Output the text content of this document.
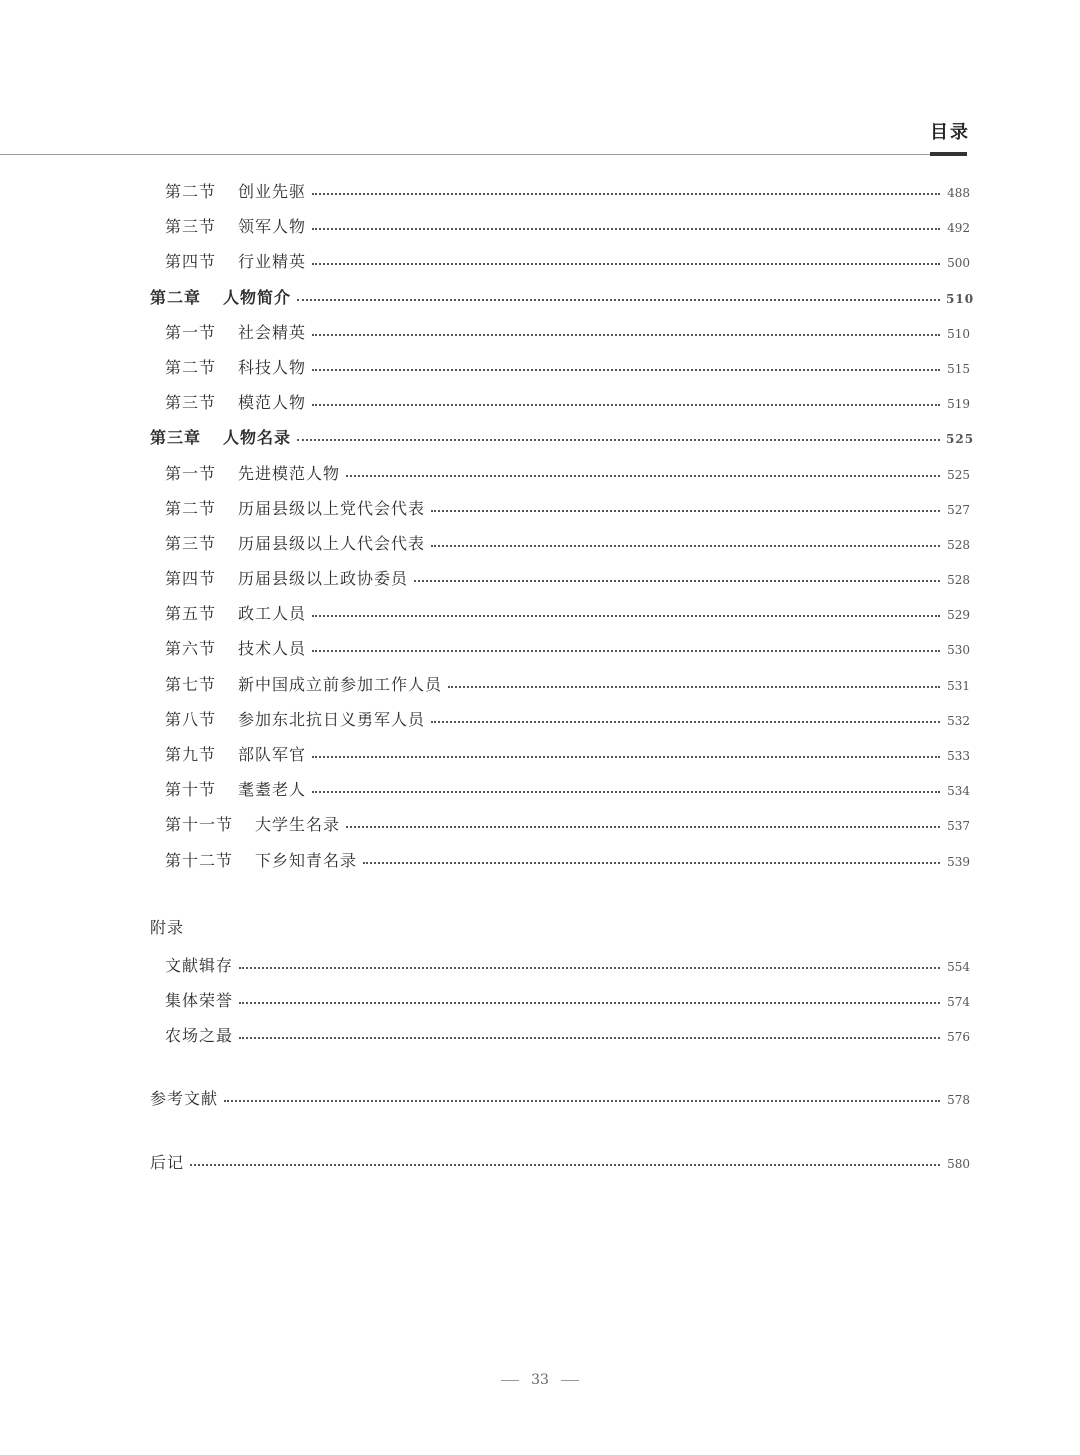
目录
第二节 创业先驱	488
第三节 领军人物	492
第四节 行业精英	500
第二章 人物简介	510
第一节 社会精英	510
第二节 科技人物	515
第三节 模范人物	519
第三章 人物名录	525
第一节 先进模范人物	525
第二节 历届县级以上党代会代表	527
第三节 历届县级以上人代会代表	528
第四节 历届县级以上政协委员	528
第五节 政工人员	529
第六节 技术人员	530
第七节 新中国成立前参加工作人员	531
第八节 参加东北抗日义勇军人员	532
第九节 部队军官	533
第十节 耄耋老人	534
第十一节 大学生名录	537
第十二节 下乡知青名录	539
附录
文献辑存	554
集体荣誉	574
农场之最	576
参考文献	578
后记	580
33
